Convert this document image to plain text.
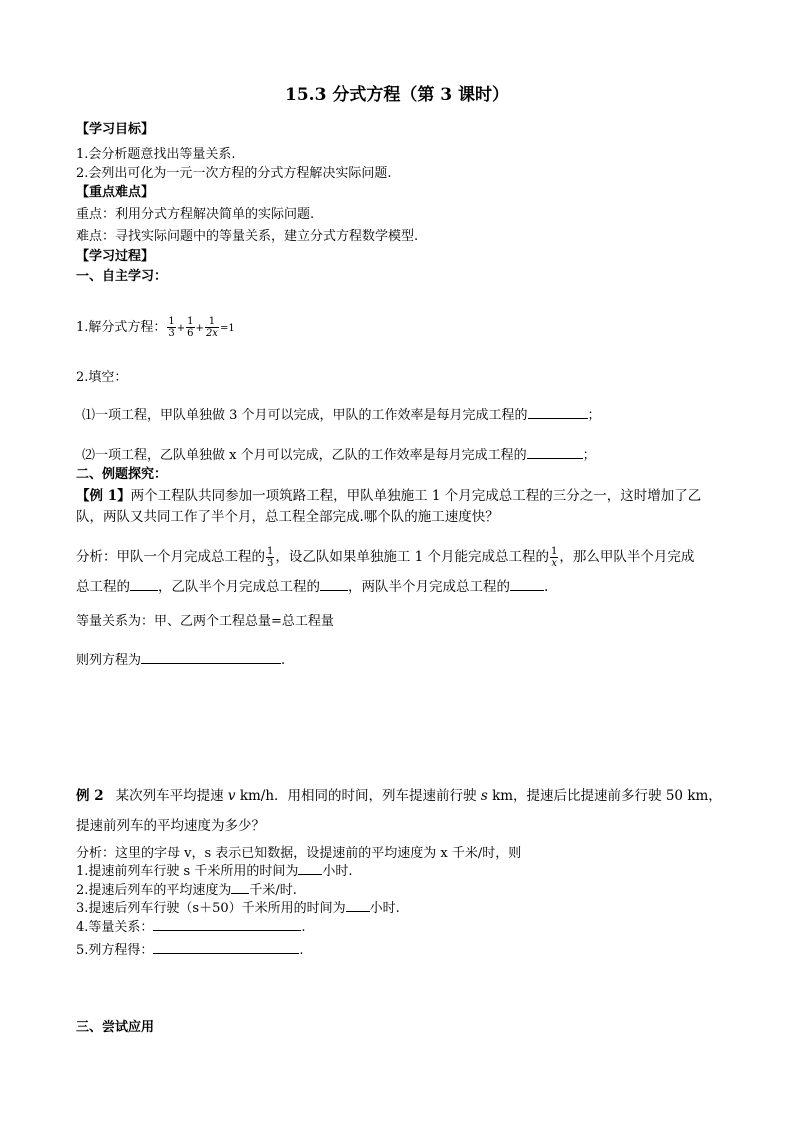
15.3 分式方程（第 3 课时）
【学习目标】
1.会分析题意找出等量关系.
2.会列出可化为一元一次方程的分式方程解决实际问题.
【重点难点】
重点：利用分式方程解决简单的实际问题.
难点：寻找实际问题中的等量关系，建立分式方程数学模型.
【学习过程】
一、自主学习：
1.解分式方程： $\frac{1}{3} + \frac{1}{6} + \frac{1}{2x} =1$
2.填空：
⑴一项工程，甲队单独做 3 个月可以完成，甲队的工作效率是每月完成工程的	；
⑵一项工程，乙队单独做 x 个月可以完成，乙队的工作效率是每月完成工程的	；
二、例题探究：
【例 1】两个工程队共同参加一项筑路工程，甲队单独施工 1 个月完成总工程的三分之一，这时增加了乙
队，两队又共同工作了半个月，总工程全部完成.哪个队的施工速度快？
分析：甲队一个月完成总工程的 $\frac{1}{3}$ ，设乙队如果单独施工 1 个月能完成总工程的 $\frac{1}{x}$ ，那么甲队半个月完成
总工程的 ，乙队半个月完成总工程的 ，两队半个月完成总工程的	.
等量关系为：甲、乙两个工程总量=总工程量
则列方程为	.
例 2 某次列车平均提速 v km/h．用相同的时间，列车提速前行驶 s km，提速后比提速前多行驶 50 km，
提速前列车的平均速度为多少？
分析：这里的字母 v，s 表示已知数据，设提速前的平均速度为 x 千米/时，则
1.提速前列车行驶 s 千米所用的时间为 小时.
2.提速后列车的平均速度为 千米/时.
3.提速后列车行驶（s＋50）千米所用的时间为 小时.
4.等量关系：	.
5.列方程得：	.
三、尝试应用
